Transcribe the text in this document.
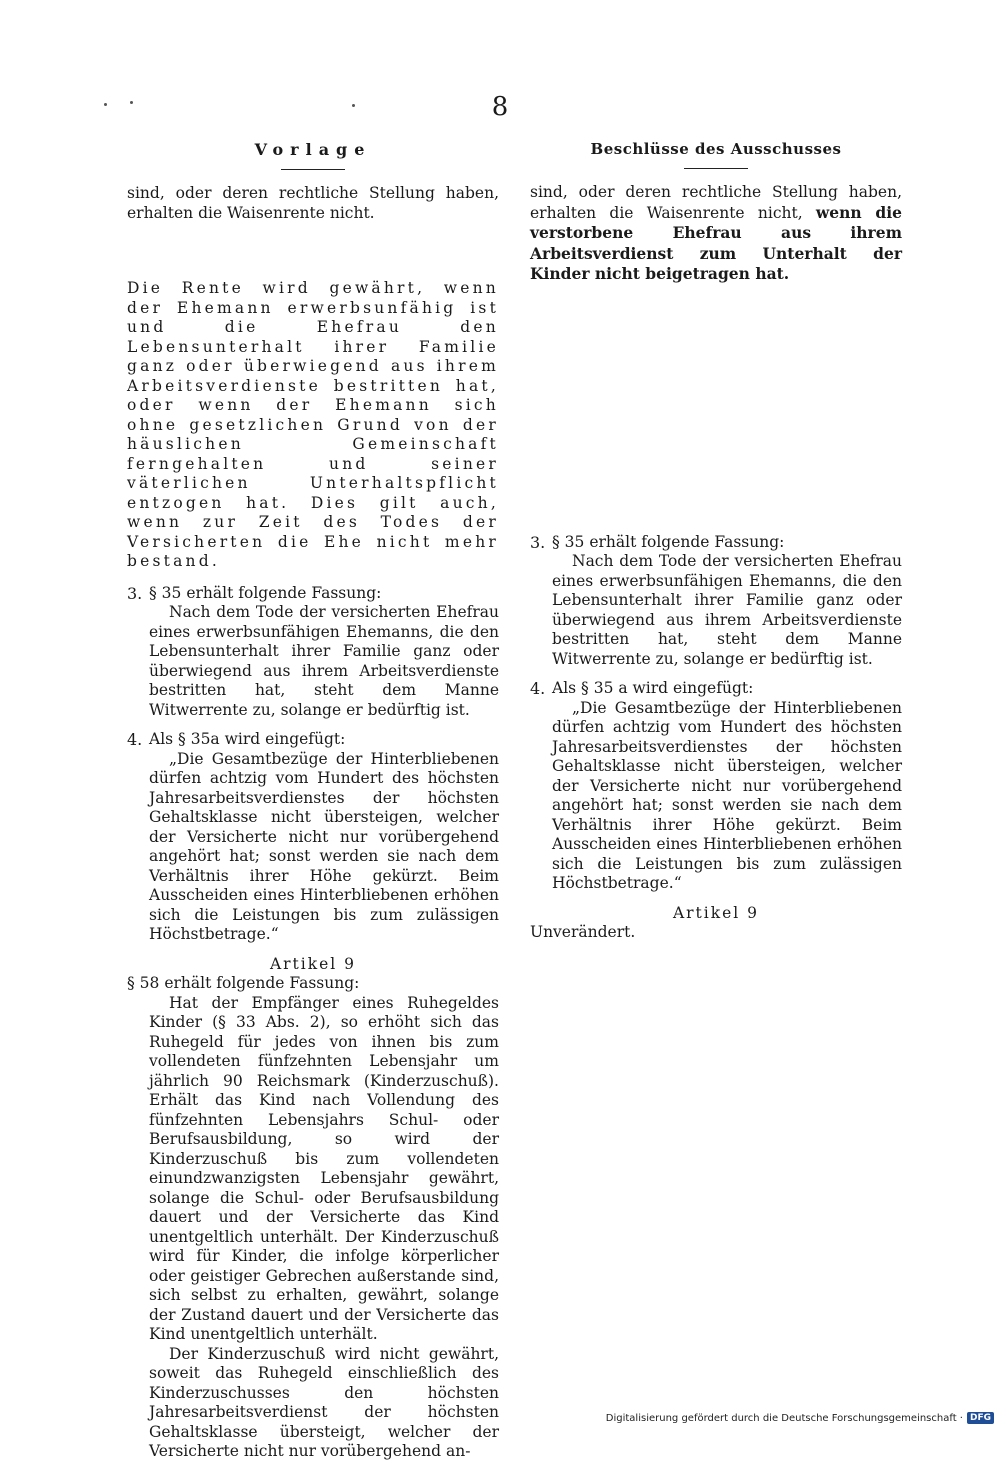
8
Vorlage

sind, oder deren rechtliche Stellung haben, erhalten die Waisenrente nicht.

Die Rente wird gewährt, wenn der Ehemann erwerbsunfähig ist und die Ehefrau den Lebensunterhalt ihrer Familie ganz oder überwiegend aus ihrem Arbeitsverdienste bestritten hat, oder wenn der Ehemann sich ohne gesetzlichen Grund von der häuslichen Gemeinschaft ferngehalten und seiner väterlichen Unterhaltspflicht entzogen hat. Dies gilt auch, wenn zur Zeit des Todes der Versicherten die Ehe nicht mehr bestand.

3. § 35 erhält folgende Fassung:

Nach dem Tode der versicherten Ehefrau eines erwerbsunfähigen Ehemanns, die den Lebensunterhalt ihrer Familie ganz oder überwiegend aus ihrem Arbeitsverdienste bestritten hat, steht dem Manne Witwerrente zu, solange er bedürftig ist.

4. Als § 35a wird eingefügt:

„Die Gesamtbezüge der Hinterbliebenen dürfen achtzig vom Hundert des höchsten Jahresarbeitsverdienstes der höchsten Gehaltsklasse nicht übersteigen, welcher der Versicherte nicht nur vorübergehend angehört hat; sonst werden sie nach dem Verhältnis ihrer Höhe gekürzt. Beim Ausscheiden eines Hinterbliebenen erhöhen sich die Leistungen bis zum zulässigen Höchstbetrage.“

Artikel 9

§ 58 erhält folgende Fassung:

Hat der Empfänger eines Ruhegeldes Kinder (§ 33 Abs. 2), so erhöht sich das Ruhegeld für jedes von ihnen bis zum vollendeten fünfzehnten Lebensjahr um jährlich 90 Reichsmark (Kinderzuschuß). Erhält das Kind nach Vollendung des fünfzehnten Lebensjahrs Schul- oder Berufsausbildung, so wird der Kinderzuschuß bis zum vollendeten einundzwanzigsten Lebensjahr gewährt, solange die Schul- oder Berufsausbildung dauert und der Versicherte das Kind unentgeltlich unterhält. Der Kinderzuschuß wird für Kinder, die infolge körperlicher oder geistiger Gebrechen außerstande sind, sich selbst zu erhalten, gewährt, solange der Zustand dauert und der Versicherte das Kind unentgeltlich unterhält.

Der Kinderzuschuß wird nicht gewährt, soweit das Ruhegeld einschließlich des Kinderzuschusses den höchsten Jahresarbeitsverdienst der höchsten Gehaltsklasse übersteigt, welcher der Versicherte nicht nur vorübergehend an-

Beschlüsse des Ausschusses

sind, oder deren rechtliche Stellung haben, erhalten die Waisenrente nicht, wenn die verstorbene Ehefrau aus ihrem Arbeitsverdienst zum Unterhalt der Kinder nicht beigetragen hat.

3. § 35 erhält folgende Fassung:

Nach dem Tode der versicherten Ehefrau eines erwerbsunfähigen Ehemanns, die den Lebensunterhalt ihrer Familie ganz oder überwiegend aus ihrem Arbeitsverdienste bestritten hat, steht dem Manne Witwerrente zu, solange er bedürftig ist.

4. Als § 35 a wird eingefügt:

„Die Gesamtbezüge der Hinterbliebenen dürfen achtzig vom Hundert des höchsten Jahresarbeitsverdienstes der höchsten Gehaltsklasse nicht übersteigen, welcher der Versicherte nicht nur vorübergehend angehört hat; sonst werden sie nach dem Verhältnis ihrer Höhe gekürzt. Beim Ausscheiden eines Hinterbliebenen erhöhen sich die Leistungen bis zum zulässigen Höchstbetrage.“

Artikel 9

Unverändert.

Digitalisierung gefördert durch die Deutsche Forschungsgemeinschaft · DFG
